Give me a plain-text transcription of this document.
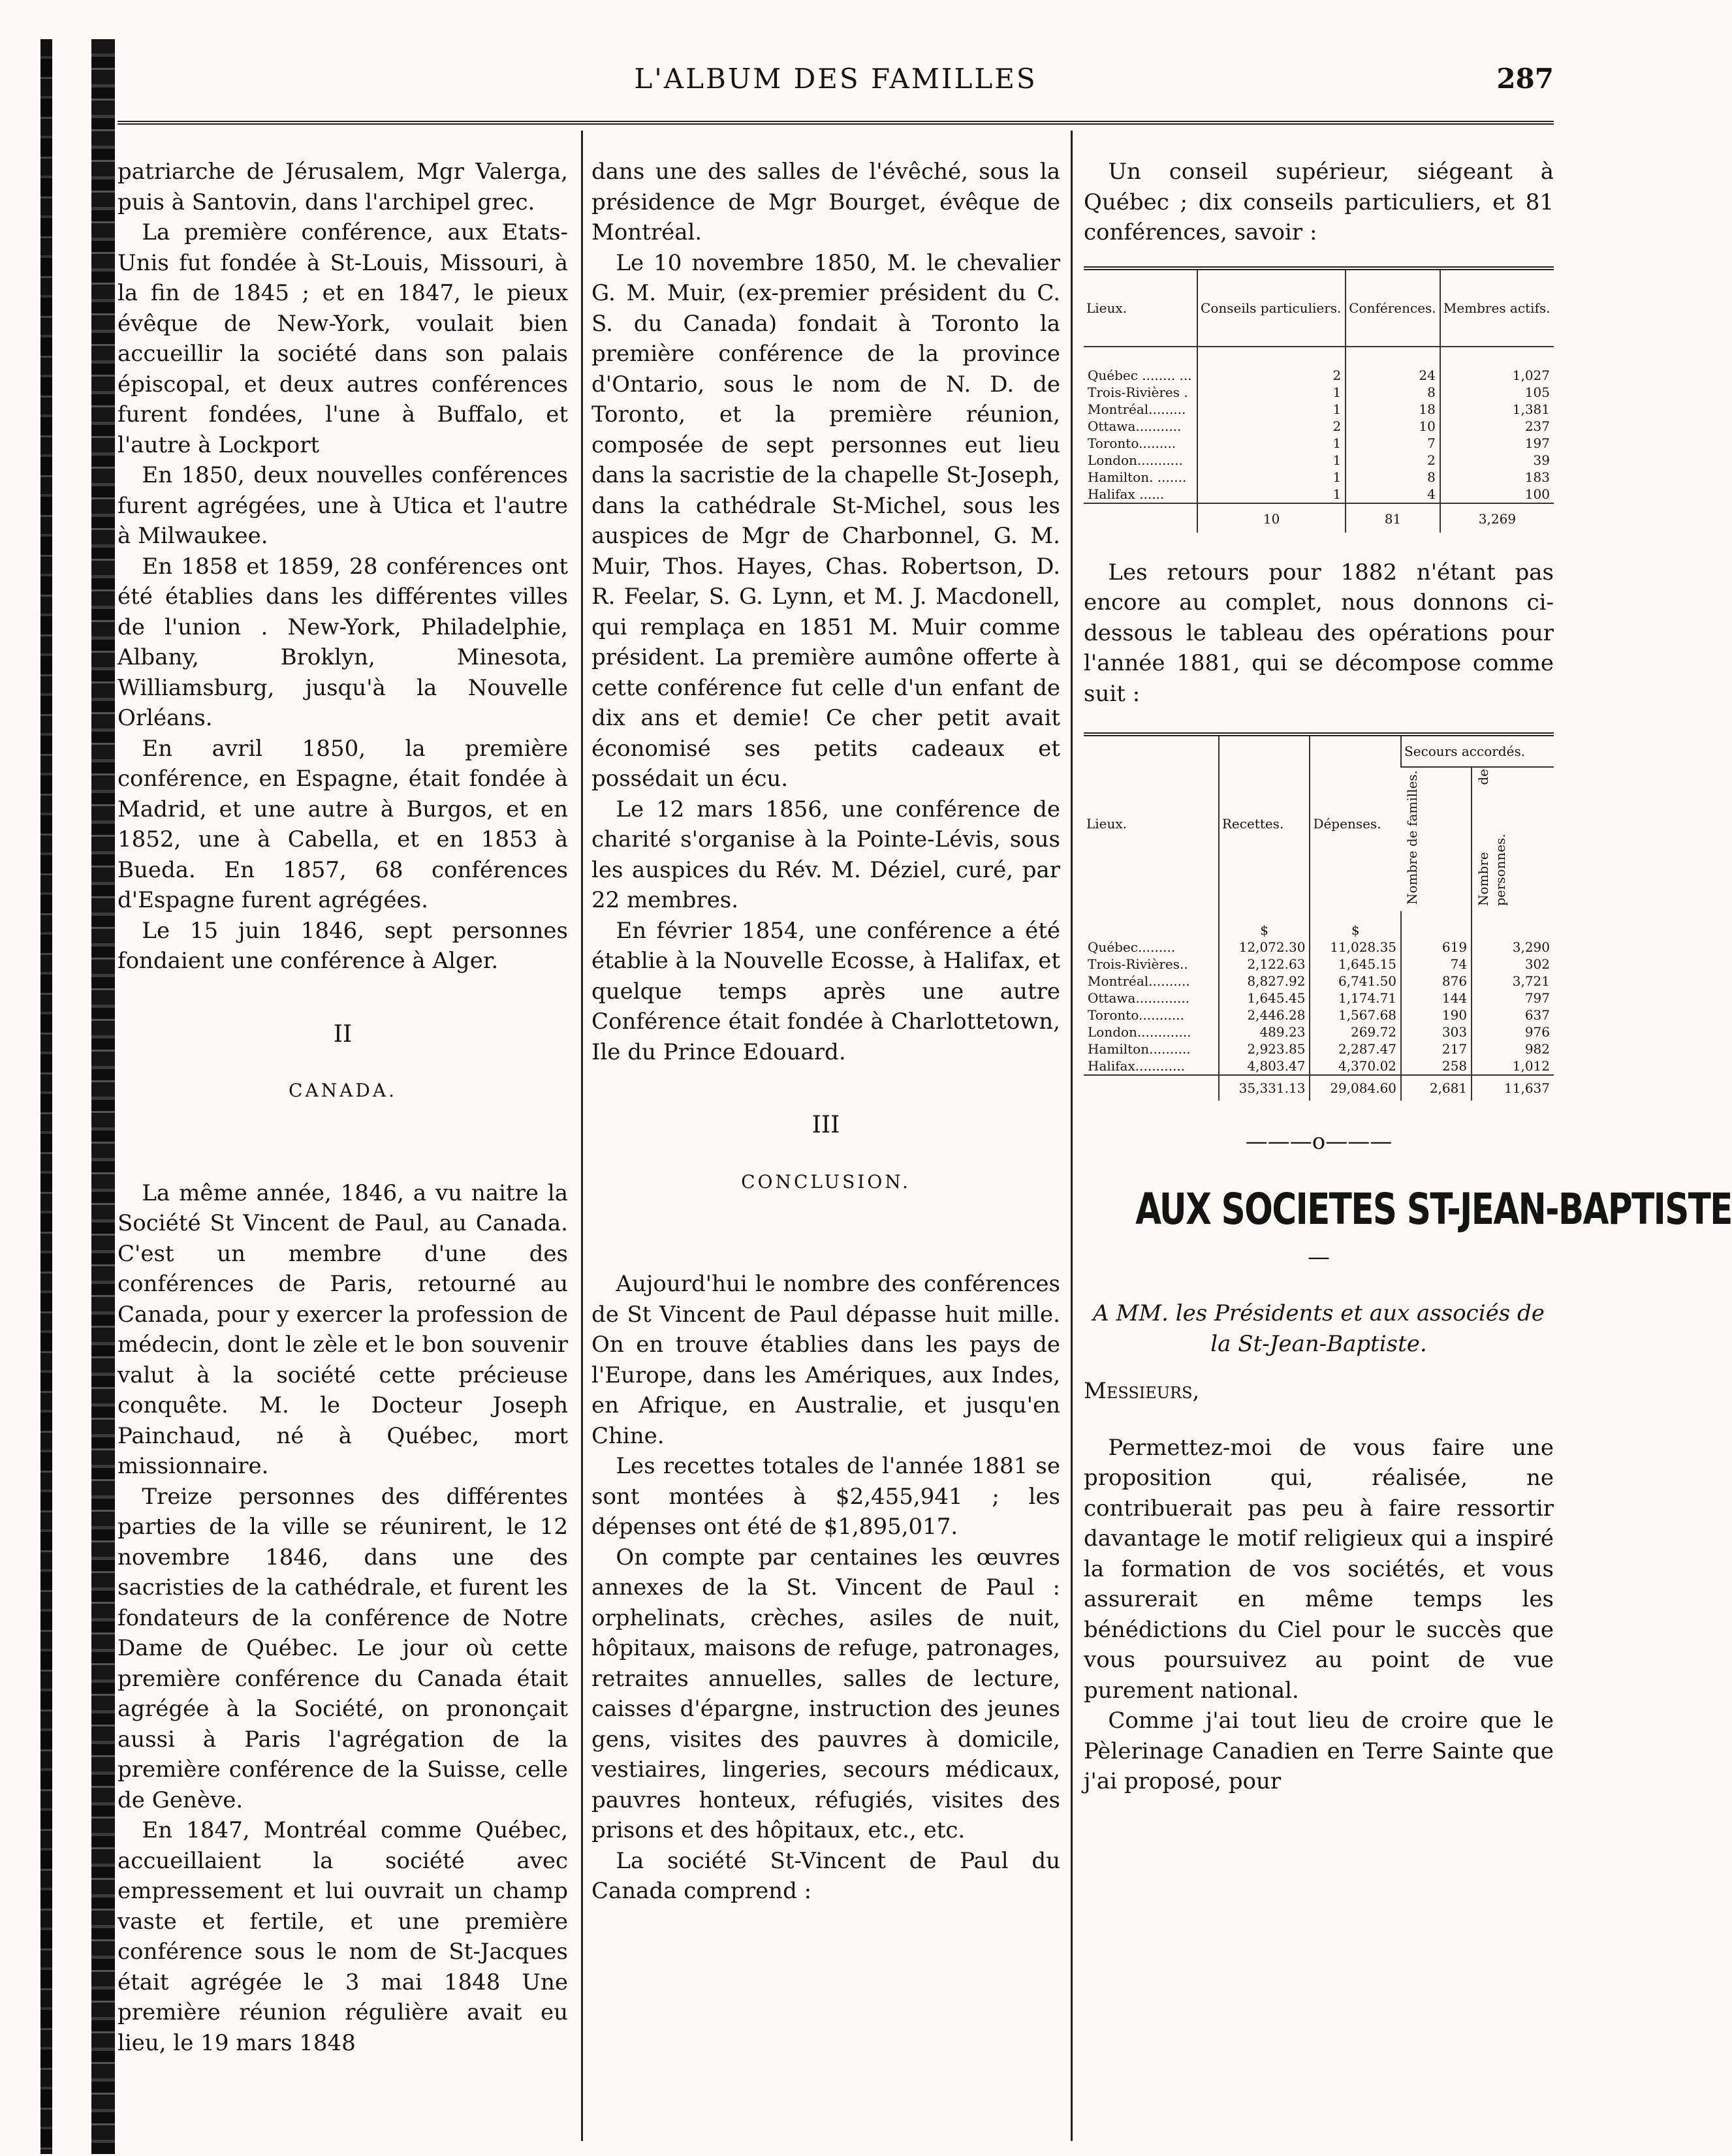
L'ALBUM DES FAMILLES	287

patriarche de Jérusalem, Mgr Valerga, puis à Santovin, dans l'archipel grec.

La première conférence, aux Etats-Unis fut fondée à St-Louis, Missouri, à la fin de 1845 ; et en 1847, le pieux évêque de New-York, voulait bien accueillir la société dans son palais épiscopal, et deux autres conférences furent fondées, l'une à Buffalo, et l'autre à Lockport

En 1850, deux nouvelles conférences furent agrégées, une à Utica et l'autre à Milwaukee.

En 1858 et 1859, 28 conférences ont été établies dans les différentes villes de l'union . New-York, Philadelphie, Albany, Broklyn, Minesota, Williamsburg, jusqu'à la Nouvelle Orléans.

En avril 1850, la première conférence, en Espagne, était fondée à Madrid, et une autre à Burgos, et en 1852, une à Cabella, et en 1853 à Bueda. En 1857, 68 conférences d'Espagne furent agrégées.

Le 15 juin 1846, sept personnes fondaient une conférence à Alger.

II

CANADA.

La même année, 1846, a vu naitre la Société St Vincent de Paul, au Canada. C'est un membre d'une des conférences de Paris, retourné au Canada, pour y exercer la profession de médecin, dont le zèle et le bon souvenir valut à la société cette précieuse conquête. M. le Docteur Joseph Painchaud, né à Québec, mort missionnaire.

Treize personnes des différentes parties de la ville se réunirent, le 12 novembre 1846, dans une des sacristies de la cathédrale, et furent les fondateurs de la conférence de Notre Dame de Québec. Le jour où cette première conférence du Canada était agrégée à la Société, on prononçait aussi à Paris l'agrégation de la première conférence de la Suisse, celle de Genève.

En 1847, Montréal comme Québec, accueillaient la société avec empressement et lui ouvrait un champ vaste et fertile, et une première conférence sous le nom de St-Jacques était agrégée le 3 mai 1848 Une première réunion régulière avait eu lieu, le 19 mars 1848

dans une des salles de l'évêché, sous la présidence de Mgr Bourget, évêque de Montréal.

Le 10 novembre 1850, M. le chevalier G. M. Muir, (ex-premier président du C. S. du Canada) fondait à Toronto la première conférence de la province d'Ontario, sous le nom de N. D. de Toronto, et la première réunion, composée de sept personnes eut lieu dans la sacristie de la chapelle St-Joseph, dans la cathédrale St-Michel, sous les auspices de Mgr de Charbonnel, G. M. Muir, Thos. Hayes, Chas. Robertson, D. R. Feelar, S. G. Lynn, et M. J. Macdonell, qui remplaça en 1851 M. Muir comme président. La première aumône offerte à cette conférence fut celle d'un enfant de dix ans et demie! Ce cher petit avait économisé ses petits cadeaux et possédait un écu.

Le 12 mars 1856, une conférence de charité s'organise à la Pointe-Lévis, sous les auspices du Rév. M. Déziel, curé, par 22 membres.

En février 1854, une conférence a été établie à la Nouvelle Ecosse, à Halifax, et quelque temps après une autre Conférence était fondée à Charlottetown, Ile du Prince Edouard.

III

CONCLUSION.

Aujourd'hui le nombre des conférences de St Vincent de Paul dépasse huit mille. On en trouve établies dans les pays de l'Europe, dans les Amériques, aux Indes, en Afrique, en Australie, et jusqu'en Chine.

Les recettes totales de l'année 1881 se sont montées à $2,455,941 ; les dépenses ont été de $1,895,017.

On compte par centaines les œuvres annexes de la St. Vincent de Paul : orphelinats, crèches, asiles de nuit, hôpitaux, maisons de refuge, patronages, retraites annuelles, salles de lecture, caisses d'épargne, instruction des jeunes gens, visites des pauvres à domicile, vestiaires, lingeries, secours médicaux, pauvres honteux, réfugiés, visites des prisons et des hôpitaux, etc., etc.

La société St-Vincent de Paul du Canada comprend :

Un conseil supérieur, siégeant à Québec ; dix conseils particuliers, et 81 conférences, savoir :

Lieux.	Conseils particuliers.	Conférences.	Membres actifs.
Québec ........ ...	2	24	1,027
Trois-Rivières .	1	8	105
Montréal.........	1	18	1,381
Ottawa...........	2	10	237
Toronto.........	1	7	197
London...........	1	2	39
Hamilton. .......	1	8	183
Halifax ......	1	4	100
	10	81	3,269

Les retours pour 1882 n'étant pas encore au complet, nous donnons ci-dessous le tableau des opérations pour l'année 1881, qui se décompose comme suit :

Lieux.	Recettes.	Dépenses.	Secours accordés.	
			Nombre de familles.	Nombre de personnes.
	$	$		
Québec.........	12,072.30	11,028.35	619	3,290
Trois-Rivières..	2,122.63	1,645.15	74	302
Montréal..........	8,827.92	6,741.50	876	3,721
Ottawa.............	1,645.45	1,174.71	144	797
Toronto...........	2,446.28	1,567.68	190	637
London.............	489.23	269.72	303	976
Hamilton..........	2,923.85	2,287.47	217	982
Halifax............	4,803.47	4,370.02	258	1,012
	35,331.13	29,084.60	2,681	11,637

———o———

AUX SOCIETES ST-JEAN-BAPTISTE

—

A MM. les Présidents et aux associés de la St-Jean-Baptiste.

Messieurs,

Permettez-moi de vous faire une proposition qui, réalisée, ne contribuerait pas peu à faire ressortir davantage le motif religieux qui a inspiré la formation de vos sociétés, et vous assurerait en même temps les bénédictions du Ciel pour le succès que vous poursuivez au point de vue purement national.

Comme j'ai tout lieu de croire que le Pèlerinage Canadien en Terre Sainte que j'ai proposé, pour
